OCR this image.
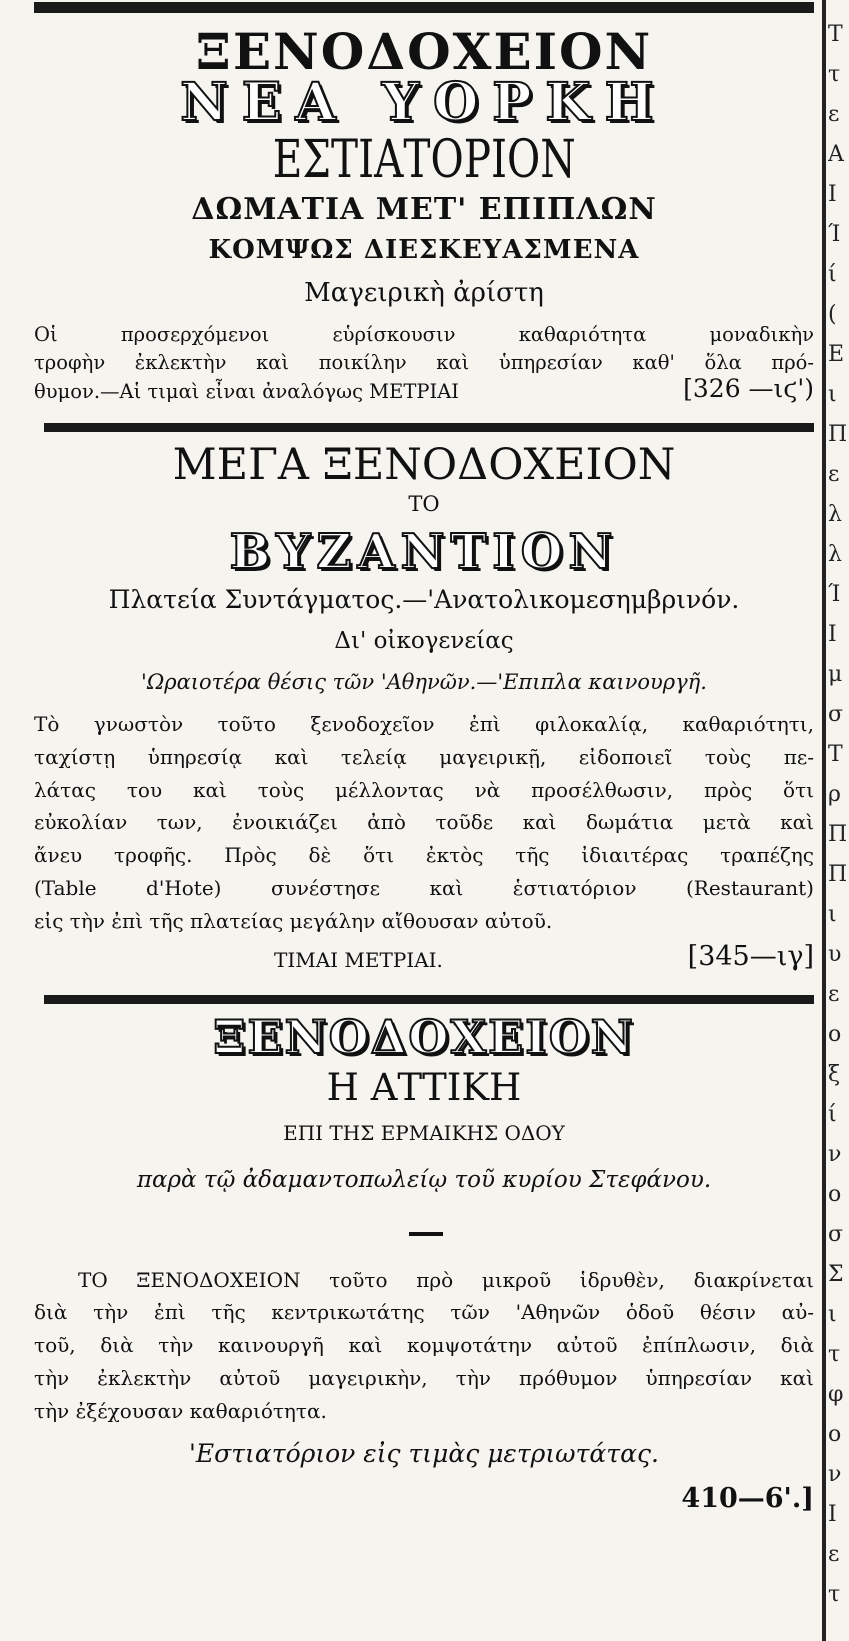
ΞΕΝΟΔΟΧΕΙΟΝ
ΝΕΑ ΥΟΡΚΗ
ΕΣΤΙΑΤΟΡΙΟΝ
ΔΩΜΑΤΙΑ ΜΕΤ' ΕΠΙΠΛΩΝ
ΚΟΜΨΩΣ ΔΙΕΣΚΕΥΑΣΜΕΝΑ
Μαγειρικὴ ἀρίστη
Οἱ προσερχόμενοι εὑρίσκουσιν καθαριότητα μοναδικὴν
τροφὴν ἐκλεκτὴν καὶ ποικίλην καὶ ὑπηρεσίαν καθ' ὅλα πρό-
θυμον.—Αἱ τιμαὶ εἶναι ἀναλόγως ΜΕΤΡΙΑΙ	[326 —ιϛ')
ΜΕΓΑ ΞΕΝΟΔΟΧΕΙΟΝ
ΤΟ
ΒΥΖΑΝΤΙΟΝ
Πλατεία Συντάγματος.—'Ανατολικομεσημβρινόν.
Δι' οἰκογενείας
'Ωραιοτέρα θέσις τῶν 'Αθηνῶν.—'Επιπλα καινουργῆ.
Τὸ γνωστὸν τοῦτο ξενοδοχεῖον ἐπὶ φιλοκαλίᾳ, καθαριότητι,
ταχίστῃ ὑπηρεσίᾳ καὶ τελείᾳ μαγειρικῇ, εἰδοποιεῖ τοὺς πε-
λάτας του καὶ τοὺς μέλλοντας νὰ προσέλθωσιν, πρὸς ὅτι
εὐκολίαν των, ἐνοικιάζει ἀπὸ τοῦδε καὶ δωμάτια μετὰ καὶ
ἄνευ τροφῆς. Πρὸς δὲ ὅτι ἐκτὸς τῆς ἰδιαιτέρας τραπέζης
(Table d'Hote) συνέστησε καὶ ἑστιατόριον (Restaurant)
εἰς τὴν ἐπὶ τῆς πλατείας μεγάλην αἴθουσαν αὐτοῦ.
ΤΙΜΑΙ ΜΕΤΡΙΑΙ.	[345—ιγ]
ΞΕΝΟΔΟΧΕΙΟΝ
Η ΑΤΤΙΚΗ
ΕΠΙ ΤΗΣ ΕΡΜΑΙΚΗΣ ΟΔΟΥ
παρὰ τῷ ἀδαμαντοπωλείῳ τοῦ κυρίου Στεφάνου.
ΤΟ ΞΕΝΟΔΟΧΕΙΟΝ τοῦτο πρὸ μικροῦ ἱδρυθὲν, διακρίνεται
διὰ τὴν ἐπὶ τῆς κεντρικωτάτης τῶν 'Αθηνῶν ὁδοῦ θέσιν αὐ-
τοῦ, διὰ τὴν καινουργῆ καὶ κομψοτάτην αὐτοῦ ἐπίπλωσιν, διὰ
τὴν ἐκλεκτὴν αὐτοῦ μαγειρικὴν, τὴν πρόθυμον ὑπηρεσίαν καὶ
τὴν ἐξέχουσαν καθαριότητα.
'Εστιατόριον εἰς τιμὰς μετριωτάτας.
410—6'.]
Τ
τ
ε
Α
Ι
Ί
ί
(
Ε
ι
Π
ε
λ
λ
Ί
Ι
μ
σ
Τ
ρ
Π
Π
ι
υ
ε
ο
ξ
ί
ν
ο
σ
Σ
ι
τ
φ
ο
ν
Ι
ε
τ
